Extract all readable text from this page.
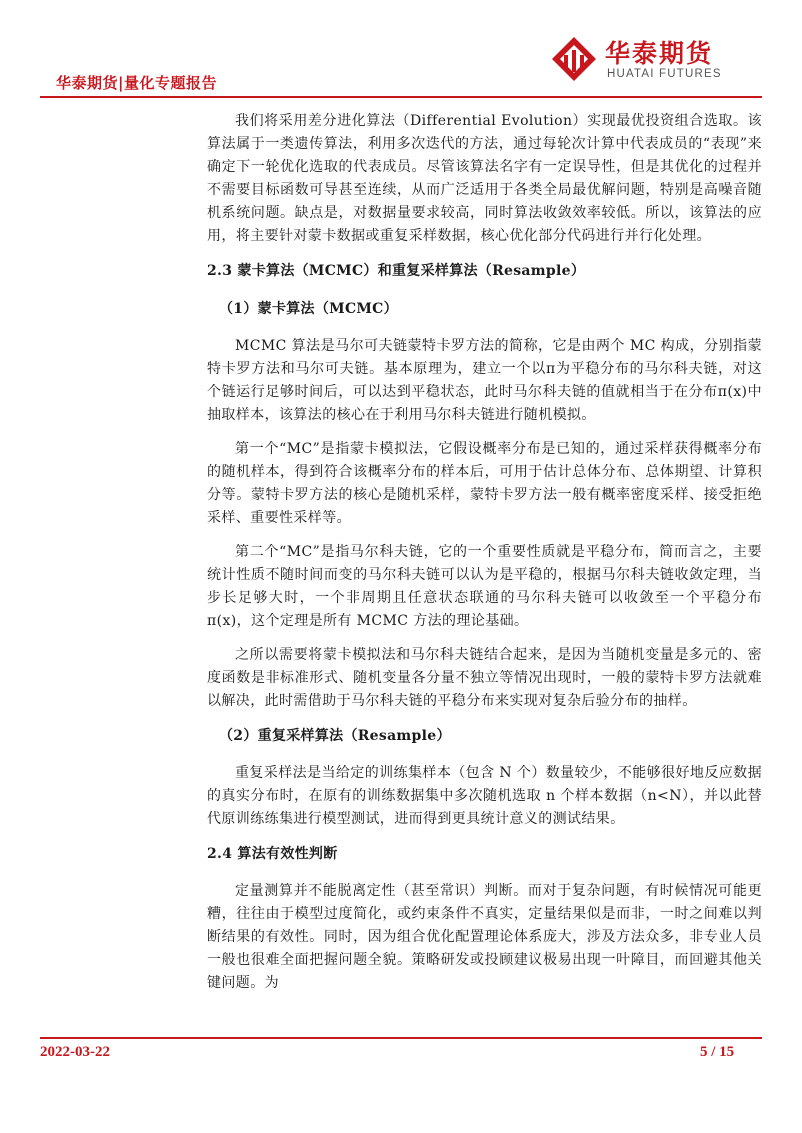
华泰期货|量化专题报告
华泰期货
HUATAI FUTURES

我们将采用差分进化算法（Differential Evolution）实现最优投资组合选取。该算法属于一类遗传算法，利用多次迭代的方法，通过每轮次计算中代表成员的“表现”来确定下一轮优化选取的代表成员。尽管该算法名字有一定误导性，但是其优化的过程并不需要目标函数可导甚至连续，从而广泛适用于各类全局最优解问题，特别是高噪音随机系统问题。缺点是，对数据量要求较高，同时算法收敛效率较低。所以，该算法的应用，将主要针对蒙卡数据或重复采样数据，核心优化部分代码进行并行化处理。

2.3 蒙卡算法（MCMC）和重复采样算法（Resample）
（1）蒙卡算法（MCMC）

MCMC 算法是马尔可夫链蒙特卡罗方法的简称，它是由两个 MC 构成，分别指蒙特卡罗方法和马尔可夫链。基本原理为，建立一个以π为平稳分布的马尔科夫链，对这个链运行足够时间后，可以达到平稳状态，此时马尔科夫链的值就相当于在分布π(x)中抽取样本，该算法的核心在于利用马尔科夫链进行随机模拟。

第一个“MC”是指蒙卡模拟法，它假设概率分布是已知的，通过采样获得概率分布的随机样本，得到符合该概率分布的样本后，可用于估计总体分布、总体期望、计算积分等。蒙特卡罗方法的核心是随机采样，蒙特卡罗方法一般有概率密度采样、接受拒绝采样、重要性采样等。

第二个“MC”是指马尔科夫链，它的一个重要性质就是平稳分布，简而言之，主要统计性质不随时间而变的马尔科夫链可以认为是平稳的，根据马尔科夫链收敛定理，当步长足够大时，一个非周期且任意状态联通的马尔科夫链可以收敛至一个平稳分布π(x)，这个定理是所有 MCMC 方法的理论基础。

之所以需要将蒙卡模拟法和马尔科夫链结合起来，是因为当随机变量是多元的、密度函数是非标准形式、随机变量各分量不独立等情况出现时，一般的蒙特卡罗方法就难以解决，此时需借助于马尔科夫链的平稳分布来实现对复杂后验分布的抽样。

（2）重复采样算法（Resample）

重复采样法是当给定的训练集样本（包含 N 个）数量较少，不能够很好地反应数据的真实分布时，在原有的训练数据集中多次随机选取 n 个样本数据（n<N），并以此替代原训练练集进行模型测试，进而得到更具统计意义的测试结果。

2.4 算法有效性判断

定量测算并不能脱离定性（甚至常识）判断。而对于复杂问题，有时候情况可能更糟，往往由于模型过度简化，或约束条件不真实，定量结果似是而非，一时之间难以判断结果的有效性。同时，因为组合优化配置理论体系庞大，涉及方法众多，非专业人员一般也很难全面把握问题全貌。策略研发或投顾建议极易出现一叶障目，而回避其他关键问题。为

2022-03-22	5 / 15
